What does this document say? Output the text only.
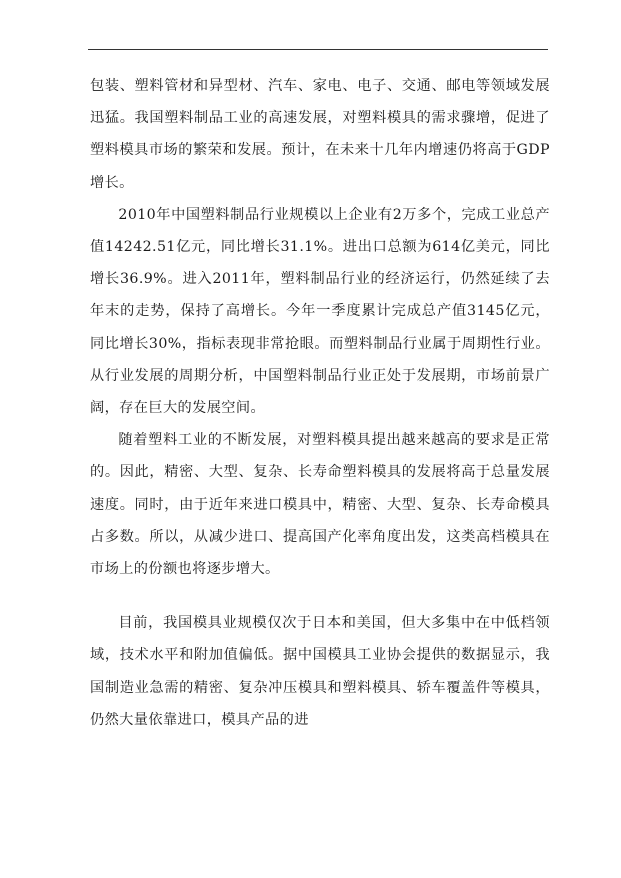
包装、塑料管材和异型材、汽车、家电、电子、交通、邮电等领域发展迅猛。我国塑料制品工业的高速发展，对塑料模具的需求骤增，促进了塑料模具市场的繁荣和发展。预计，在未来十几年内增速仍将高于GDP增长。

2010年中国塑料制品行业规模以上企业有2万多个，完成工业总产值14242.51亿元，同比增长31.1%。进出口总额为614亿美元，同比增长36.9%。进入2011年，塑料制品行业的经济运行，仍然延续了去年末的走势，保持了高增长。今年一季度累计完成总产值3145亿元，同比增长30%，指标表现非常抢眼。而塑料制品行业属于周期性行业。从行业发展的周期分析，中国塑料制品行业正处于发展期，市场前景广阔，存在巨大的发展空间。

随着塑料工业的不断发展，对塑料模具提出越来越高的要求是正常的。因此，精密、大型、复杂、长寿命塑料模具的发展将高于总量发展速度。同时，由于近年来进口模具中，精密、大型、复杂、长寿命模具占多数。所以，从减少进口、提高国产化率角度出发，这类高档模具在市场上的份额也将逐步增大。

目前，我国模具业规模仅次于日本和美国，但大多集中在中低档领域，技术水平和附加值偏低。据中国模具工业协会提供的数据显示，我国制造业急需的精密、复杂冲压模具和塑料模具、轿车覆盖件等模具，仍然大量依靠进口，模具产品的进
